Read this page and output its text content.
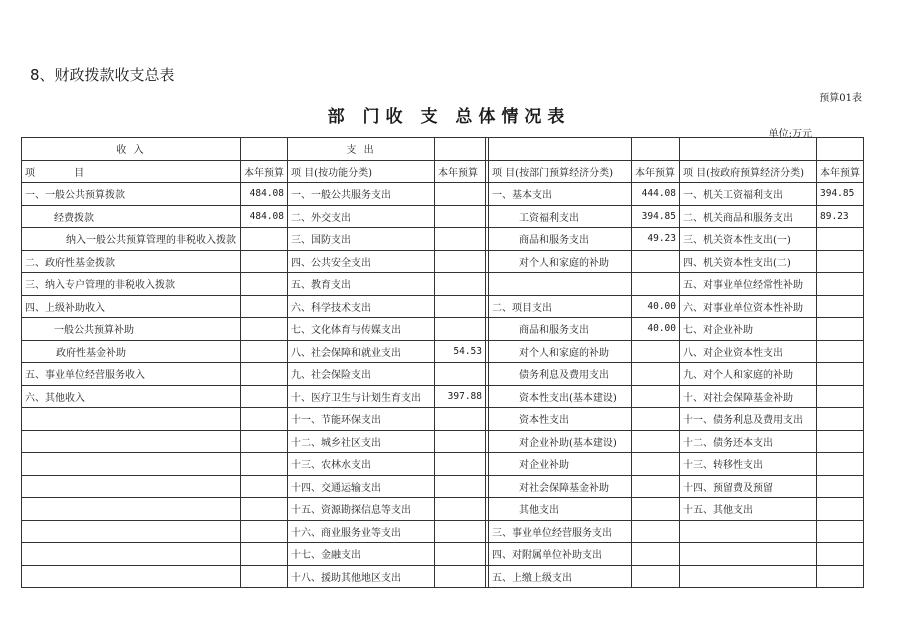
8、财政拨款收支总表
预算01表
部 门收 支 总体情况表
单位:万元
收 入		支 出						
项 目	本年预算	项 目(按功能分类)	本年预算		项 目(按部门预算经济分类)	本年预算	项 目(按政府预算经济分类)	本年预算
一、一般公共预算拨款	484.08	一、一般公共服务支出			一、基本支出	444.08	一、机关工资福利支出	394.85
经费拨款	484.08	二、外交支出			工资福利支出	394.85	二、机关商品和服务支出	89.23
纳入一般公共预算管理的非税收入拨款		三、国防支出			商品和服务支出	49.23	三、机关资本性支出(一)	
二、政府性基金拨款		四、公共安全支出			对个人和家庭的补助		四、机关资本性支出(二)	
三、纳入专户管理的非税收入拨款		五、教育支出					五、对事业单位经常性补助	
四、上级补助收入		六、科学技术支出			二、项目支出	40.00	六、对事业单位资本性补助	
一般公共预算补助		七、文化体育与传媒支出			商品和服务支出	40.00	七、对企业补助	
政府性基金补助		八、社会保障和就业支出	54.53		对个人和家庭的补助		八、对企业资本性支出	
五、事业单位经营服务收入		九、社会保险支出			债务利息及费用支出		九、对个人和家庭的补助	
六、其他收入		十、医疗卫生与计划生育支出	397.88		资本性支出(基本建设)		十、对社会保障基金补助	
		十一、节能环保支出			资本性支出		十一、债务利息及费用支出	
		十二、城乡社区支出			对企业补助(基本建设)		十二、债务还本支出	
		十三、农林水支出			对企业补助		十三、转移性支出	
		十四、交通运输支出			对社会保障基金补助		十四、预留费及预留	
		十五、资源勘探信息等支出			其他支出		十五、其他支出	
		十六、商业服务业等支出			三、事业单位经营服务支出			
		十七、金融支出			四、对附属单位补助支出			
		十八、援助其他地区支出			五、上缴上级支出			
